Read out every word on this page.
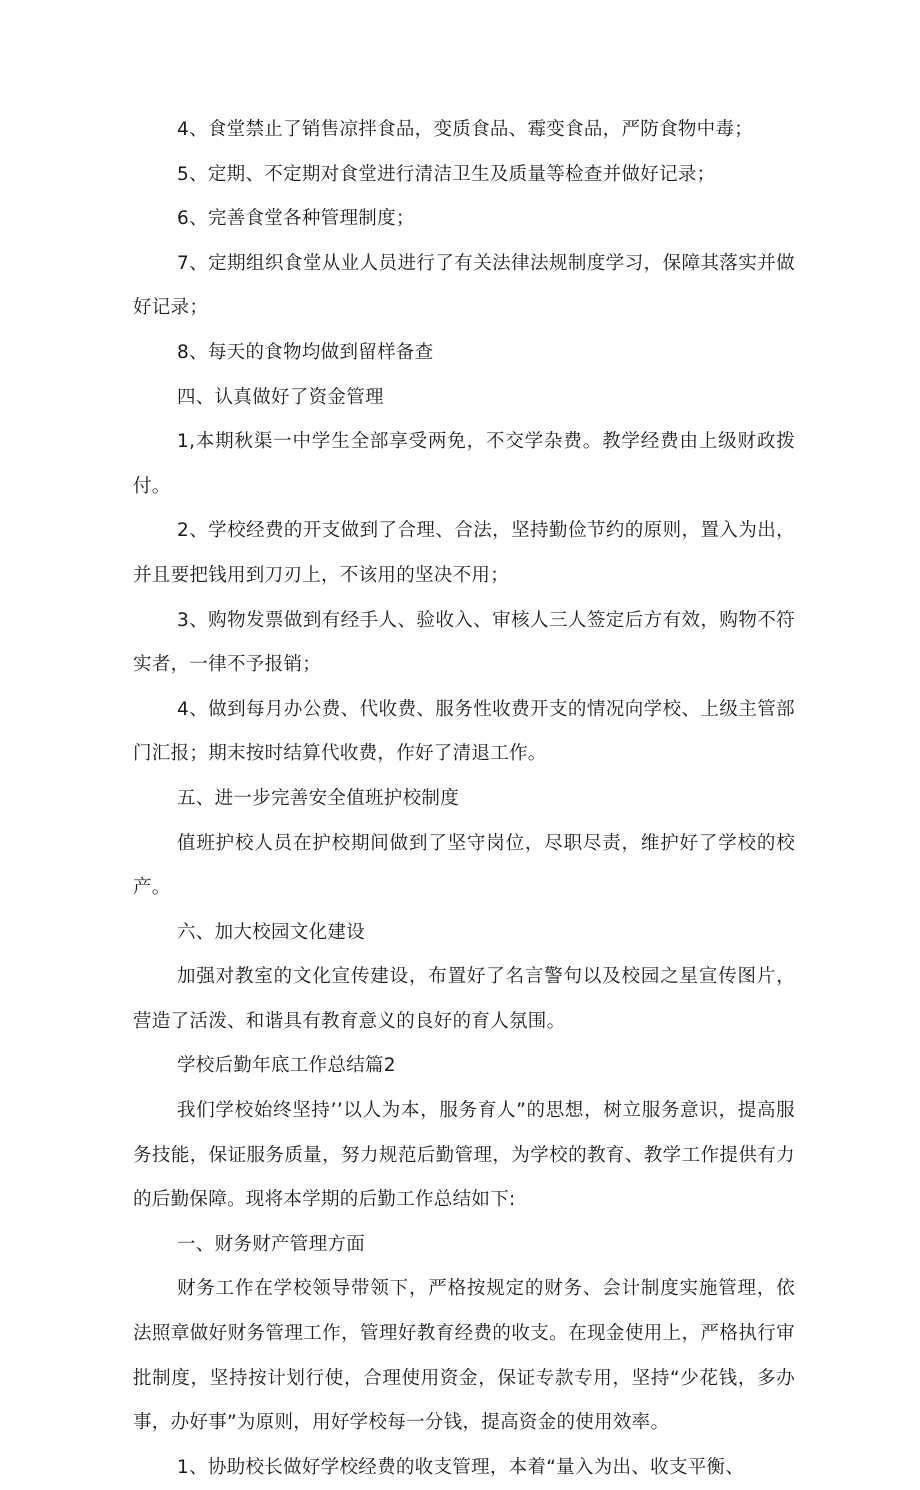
4、食堂禁止了销售凉拌食品，变质食品、霉变食品，严防食物中毒；

5、定期、不定期对食堂进行清洁卫生及质量等检查并做好记录；

6、完善食堂各种管理制度；

7、定期组织食堂从业人员进行了有关法律法规制度学习，保障其落实并做好记录；

8、每天的食物均做到留样备查

四、认真做好了资金管理

1,本期秋渠一中学生全部享受两免，不交学杂费。教学经费由上级财政拨付。

2、学校经费的开支做到了合理、合法，坚持勤俭节约的原则，置入为出，并且要把钱用到刀刃上，不该用的坚决不用；

3、购物发票做到有经手人、验收入、审核人三人签定后方有效，购物不符实者，一律不予报销；

4、做到每月办公费、代收费、服务性收费开支的情况向学校、上级主管部门汇报；期末按时结算代收费，作好了清退工作。

五、进一步完善安全值班护校制度

值班护校人员在护校期间做到了坚守岗位，尽职尽责，维护好了学校的校产。

六、加大校园文化建设

加强对教室的文化宣传建设，布置好了名言警句以及校园之星宣传图片，营造了活泼、和谐具有教育意义的良好的育人氛围。

学校后勤年底工作总结篇2

我们学校始终坚持’’以人为本，服务育人”的思想，树立服务意识，提高服务技能，保证服务质量，努力规范后勤管理，为学校的教育、教学工作提供有力的后勤保障。现将本学期的后勤工作总结如下:

一、财务财产管理方面

财务工作在学校领导带领下，严格按规定的财务、会计制度实施管理，依法照章做好财务管理工作，管理好教育经费的收支。在现金使用上，严格执行审批制度，坚持按计划行使，合理使用资金，保证专款专用，坚持“少花钱，多办事，办好事”为原则，用好学校每一分钱，提高资金的使用效率。

1、协助校长做好学校经费的收支管理，本着“量入为出、收支平衡、
